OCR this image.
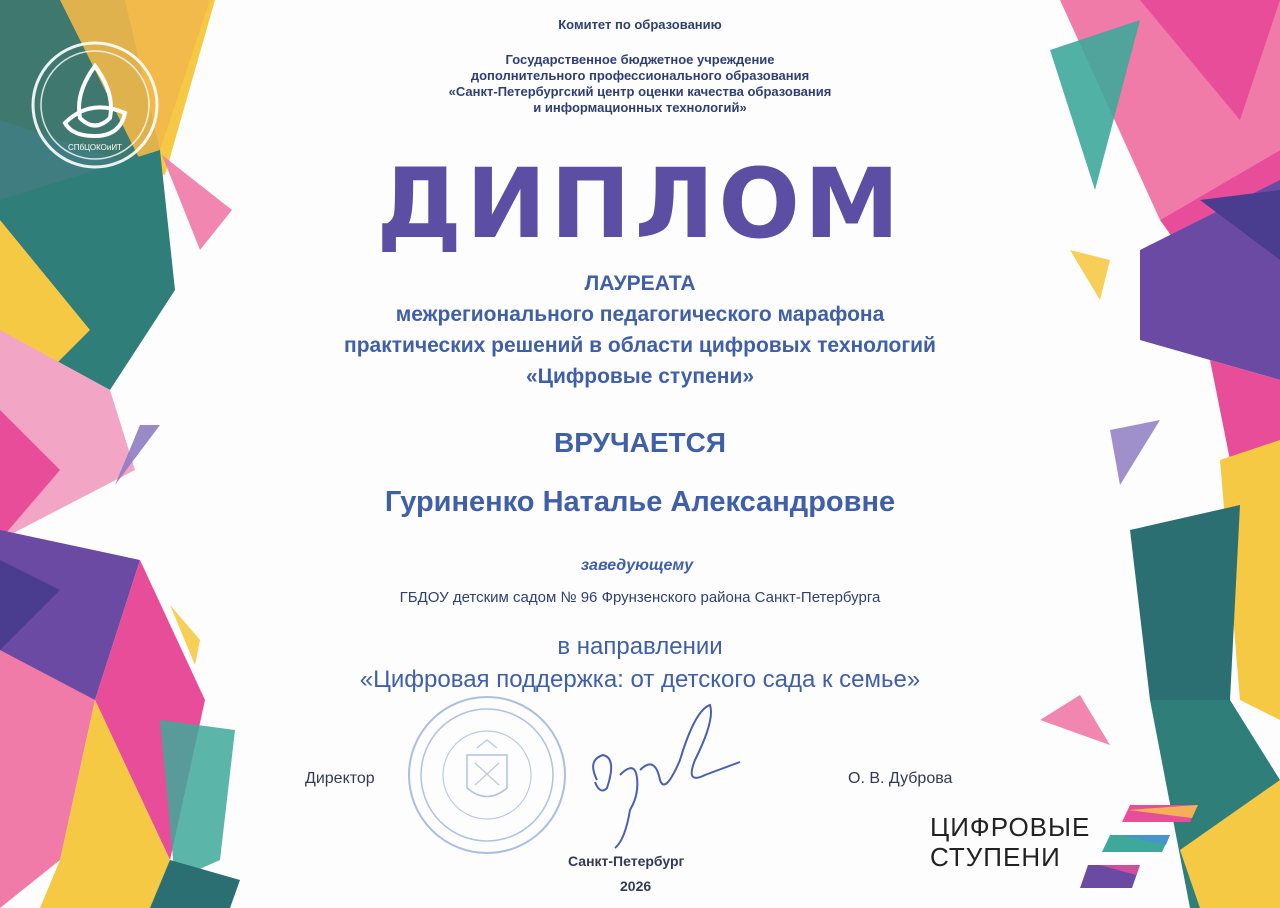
СПбЦОКОиИТ
Комитет по образованию
Государственное бюджетное учреждение
дополнительного профессионального образования
«Санкт-Петербургский центр оценки качества образования
и информационных технологий»
ДИПЛОМ
ЛАУРЕАТА
межрегионального педагогического марафона
практических решений в области цифровых технологий
«Цифровые ступени»
ВРУЧАЕТСЯ
Гуриненко Наталье Александровне
заведующему
ГБДОУ детским садом № 96 Фрунзенского района Санкт-Петербурга
в направлении
«Цифровая поддержка: от детского сада к семье»
Директор	О. В. Дуброва
Санкт-Петербург
2026
ЦИФРОВЫЕ
СТУПЕНИ
